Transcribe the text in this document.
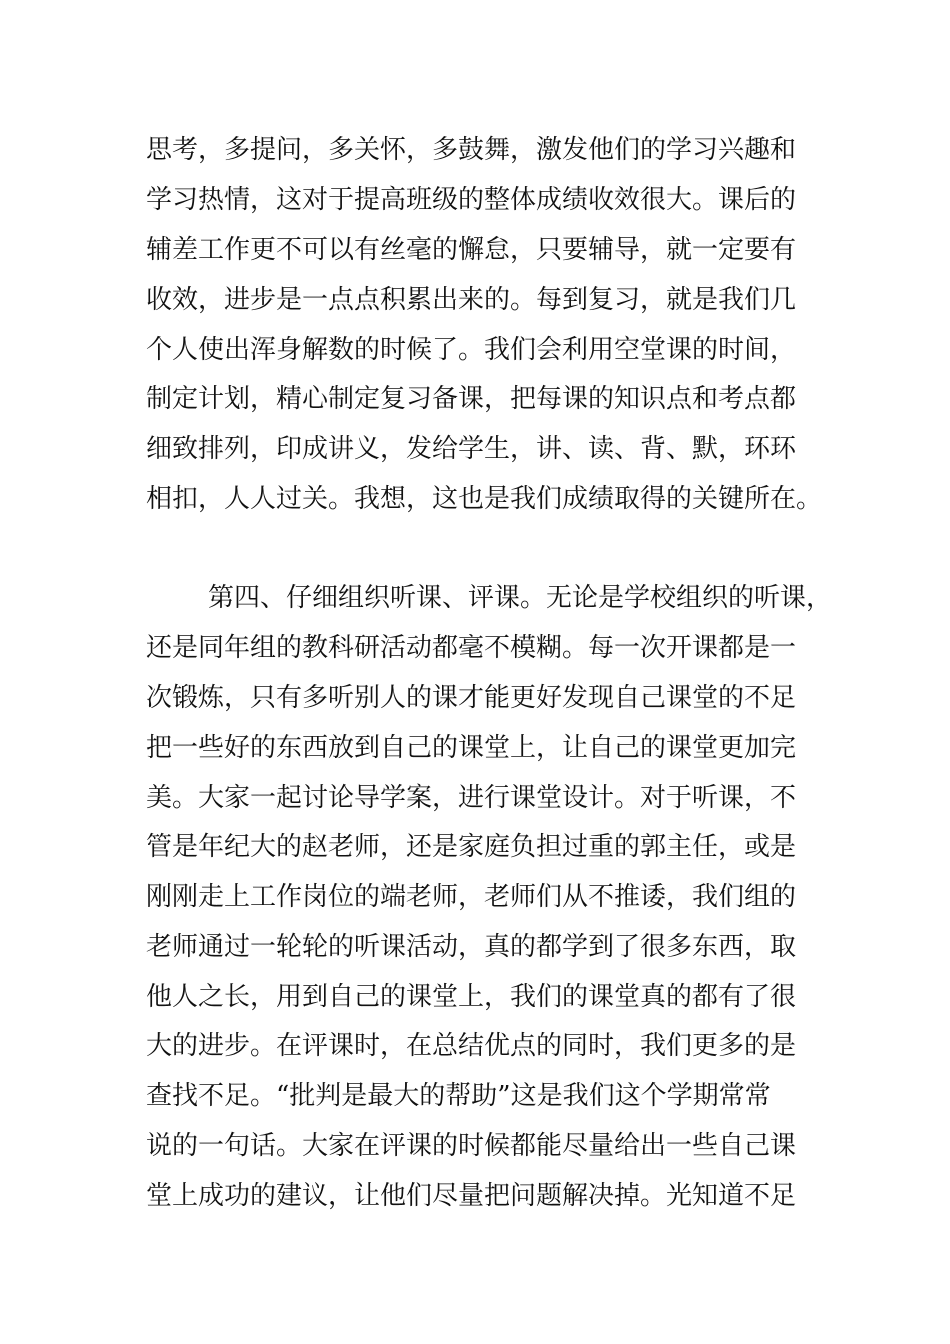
思考，多提问，多关怀，多鼓舞，激发他们的学习兴趣和
学习热情，这对于提高班级的整体成绩收效很大。课后的
辅差工作更不可以有丝毫的懈怠，只要辅导，就一定要有
收效，进步是一点点积累出来的。每到复习，就是我们几
个人使出浑身解数的时候了。我们会利用空堂课的时间，
制定计划，精心制定复习备课，把每课的知识点和考点都
细致排列，印成讲义，发给学生，讲、读、背、默，环环
相扣，人人过关。我想，这也是我们成绩取得的关键所在。
第四、仔细组织听课、评课。无论是学校组织的听课，
还是同年组的教科研活动都毫不模糊。每一次开课都是一
次锻炼，只有多听别人的课才能更好发现自己课堂的不足
把一些好的东西放到自己的课堂上，让自己的课堂更加完
美。大家一起讨论导学案，进行课堂设计。对于听课，不
管是年纪大的赵老师，还是家庭负担过重的郭主任，或是
刚刚走上工作岗位的端老师，老师们从不推诿，我们组的
老师通过一轮轮的听课活动，真的都学到了很多东西，取
他人之长，用到自己的课堂上，我们的课堂真的都有了很
大的进步。在评课时，在总结优点的同时，我们更多的是
查找不足。“批判是最大的帮助”这是我们这个学期常常
说的一句话。大家在评课的时候都能尽量给出一些自己课
堂上成功的建议，让他们尽量把问题解决掉。光知道不足
